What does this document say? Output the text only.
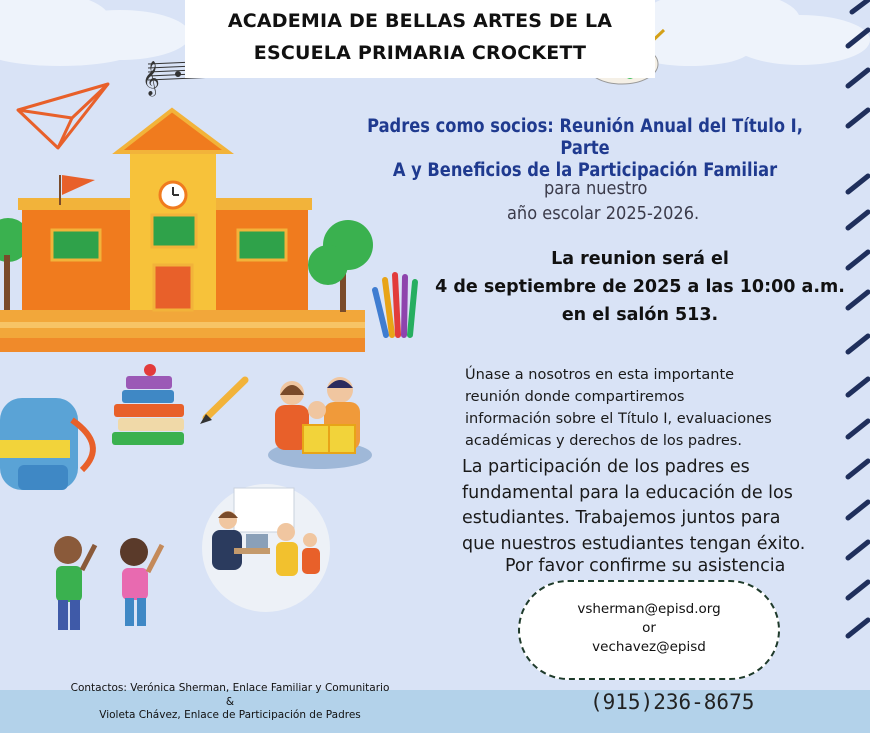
𝄞
ACADEMIA DE BELLAS ARTES DE LA
ESCUELA PRIMARIA CROCKETT
Padres como socios: Reunión Anual del Título I, Parte
A y Beneficios de la Participación Familiar
para nuestro
año escolar 2025-2026.
La reunion será el
4 de septiembre de 2025 a las 10:00 a.m.
en el salón 513.
Únase a nosotros en esta importante
reunión donde compartiremos
información sobre el Título I, evaluaciones
académicas y derechos de los padres.
La participación de los padres es
fundamental para la educación de los
estudiantes. Trabajemos juntos para
que nuestros estudiantes tengan éxito.
Por favor confirme su asistencia
vsherman@episd.org
or
vechavez@episd
Contactos: Verónica Sherman, Enlace Familiar y Comunitario
&
Violeta Chávez, Enlace de Participación de Padres
(915)236-8675
